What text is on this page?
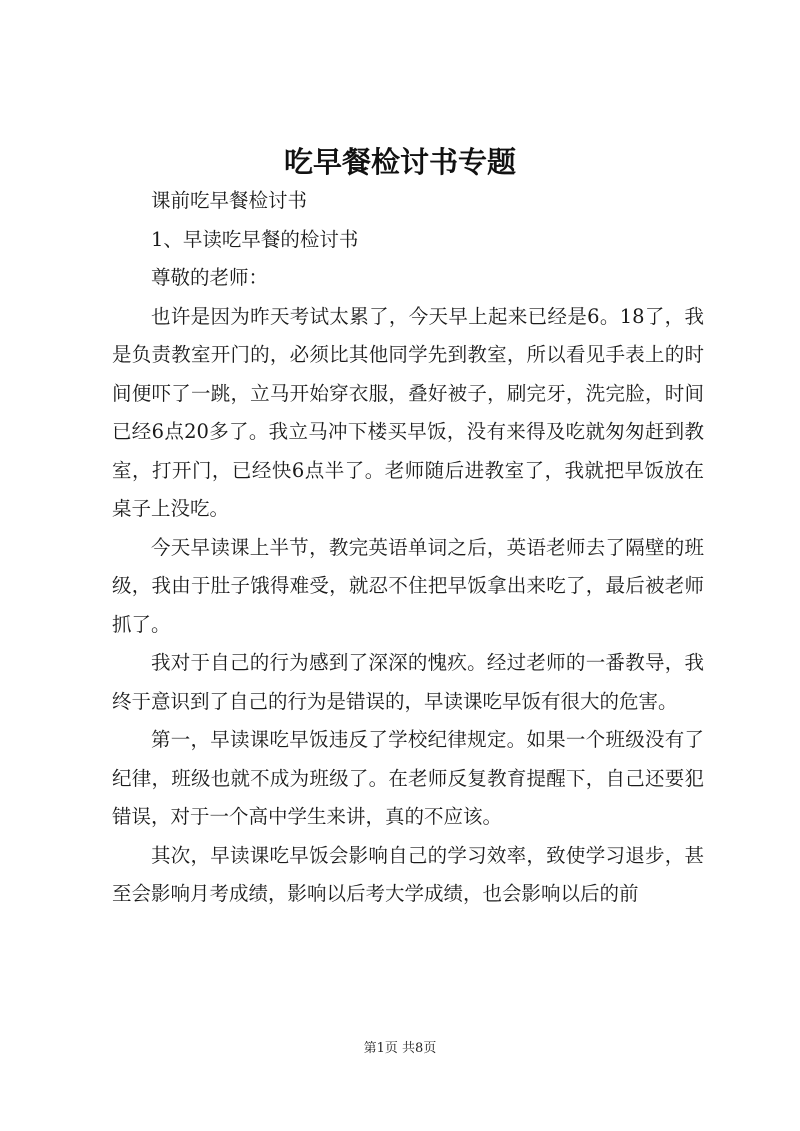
吃早餐检讨书专题

课前吃早餐检讨书

1、早读吃早餐的检讨书

尊敬的老师：

也许是因为昨天考试太累了，今天早上起来已经是6。18了，我是负责教室开门的，必须比其他同学先到教室，所以看见手表上的时间便吓了一跳，立马开始穿衣服，叠好被子，刷完牙，洗完脸，时间已经6点20多了。我立马冲下楼买早饭，没有来得及吃就匆匆赶到教室，打开门，已经快6点半了。老师随后进教室了，我就把早饭放在桌子上没吃。

今天早读课上半节，教完英语单词之后，英语老师去了隔壁的班级，我由于肚子饿得难受，就忍不住把早饭拿出来吃了，最后被老师抓了。

我对于自己的行为感到了深深的愧疚。经过老师的一番教导，我终于意识到了自己的行为是错误的，早读课吃早饭有很大的危害。

第一，早读课吃早饭违反了学校纪律规定。如果一个班级没有了纪律，班级也就不成为班级了。在老师反复教育提醒下，自己还要犯错误，对于一个高中学生来讲，真的不应该。

其次，早读课吃早饭会影响自己的学习效率，致使学习退步，甚至会影响月考成绩，影响以后考大学成绩，也会影响以后的前

第1页 共8页
